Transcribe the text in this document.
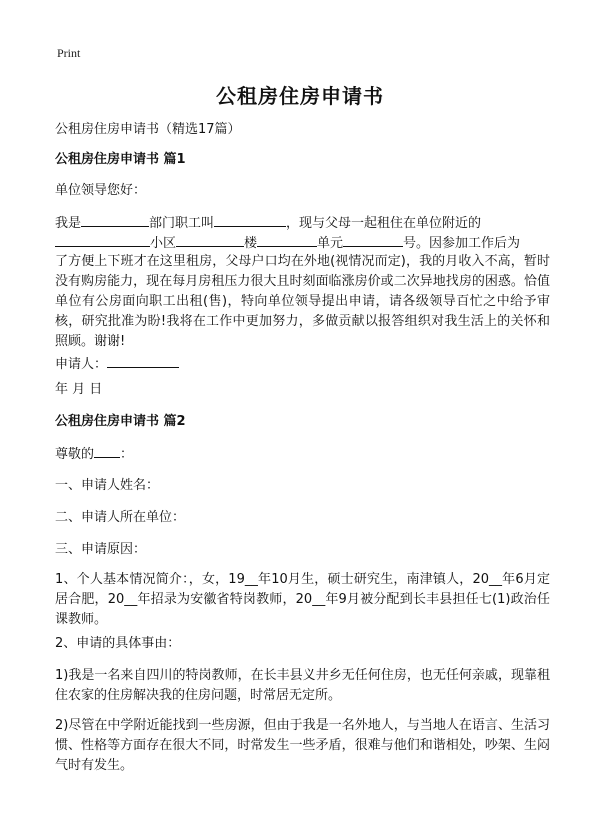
Print
公租房住房申请书
公租房住房申请书（精选17篇）
公租房住房申请书 篇1
单位领导您好：
我是	部门职工叫	，现与父母一起租住在单位附近的
小区	楼	单元	号。因参加工作后为
了方便上下班才在这里租房，父母户口均在外地(视情况而定)，我的月收入不高，暂时没有购房能力，现在每月房租压力很大且时刻面临涨房价或二次异地找房的困惑。恰值单位有公房面向职工出租(售)，特向单位领导提出申请，请各级领导百忙之中给予审核，研究批准为盼!我将在工作中更加努力，多做贡献以报答组织对我生活上的关怀和照顾。谢谢!
申请人：
年 月 日
公租房住房申请书 篇2
尊敬的 ：
一、申请人姓名：
二、申请人所在单位：
三、申请原因：
1、个人基本情况简介：，女，19__年10月生，硕士研究生，南津镇人，20__年6月定居合肥，20__年招录为安徽省特岗教师，20__年9月被分配到长丰县担任七(1)政治任课教师。
2、申请的具体事由：
1)我是一名来自四川的特岗教师，在长丰县义井乡无任何住房，也无任何亲戚，现靠租住农家的住房解决我的住房问题，时常居无定所。
2)尽管在中学附近能找到一些房源，但由于我是一名外地人，与当地人在语言、生活习惯、性格等方面存在很大不同，时常发生一些矛盾，很难与他们和谐相处，吵架、生闷气时有发生。
